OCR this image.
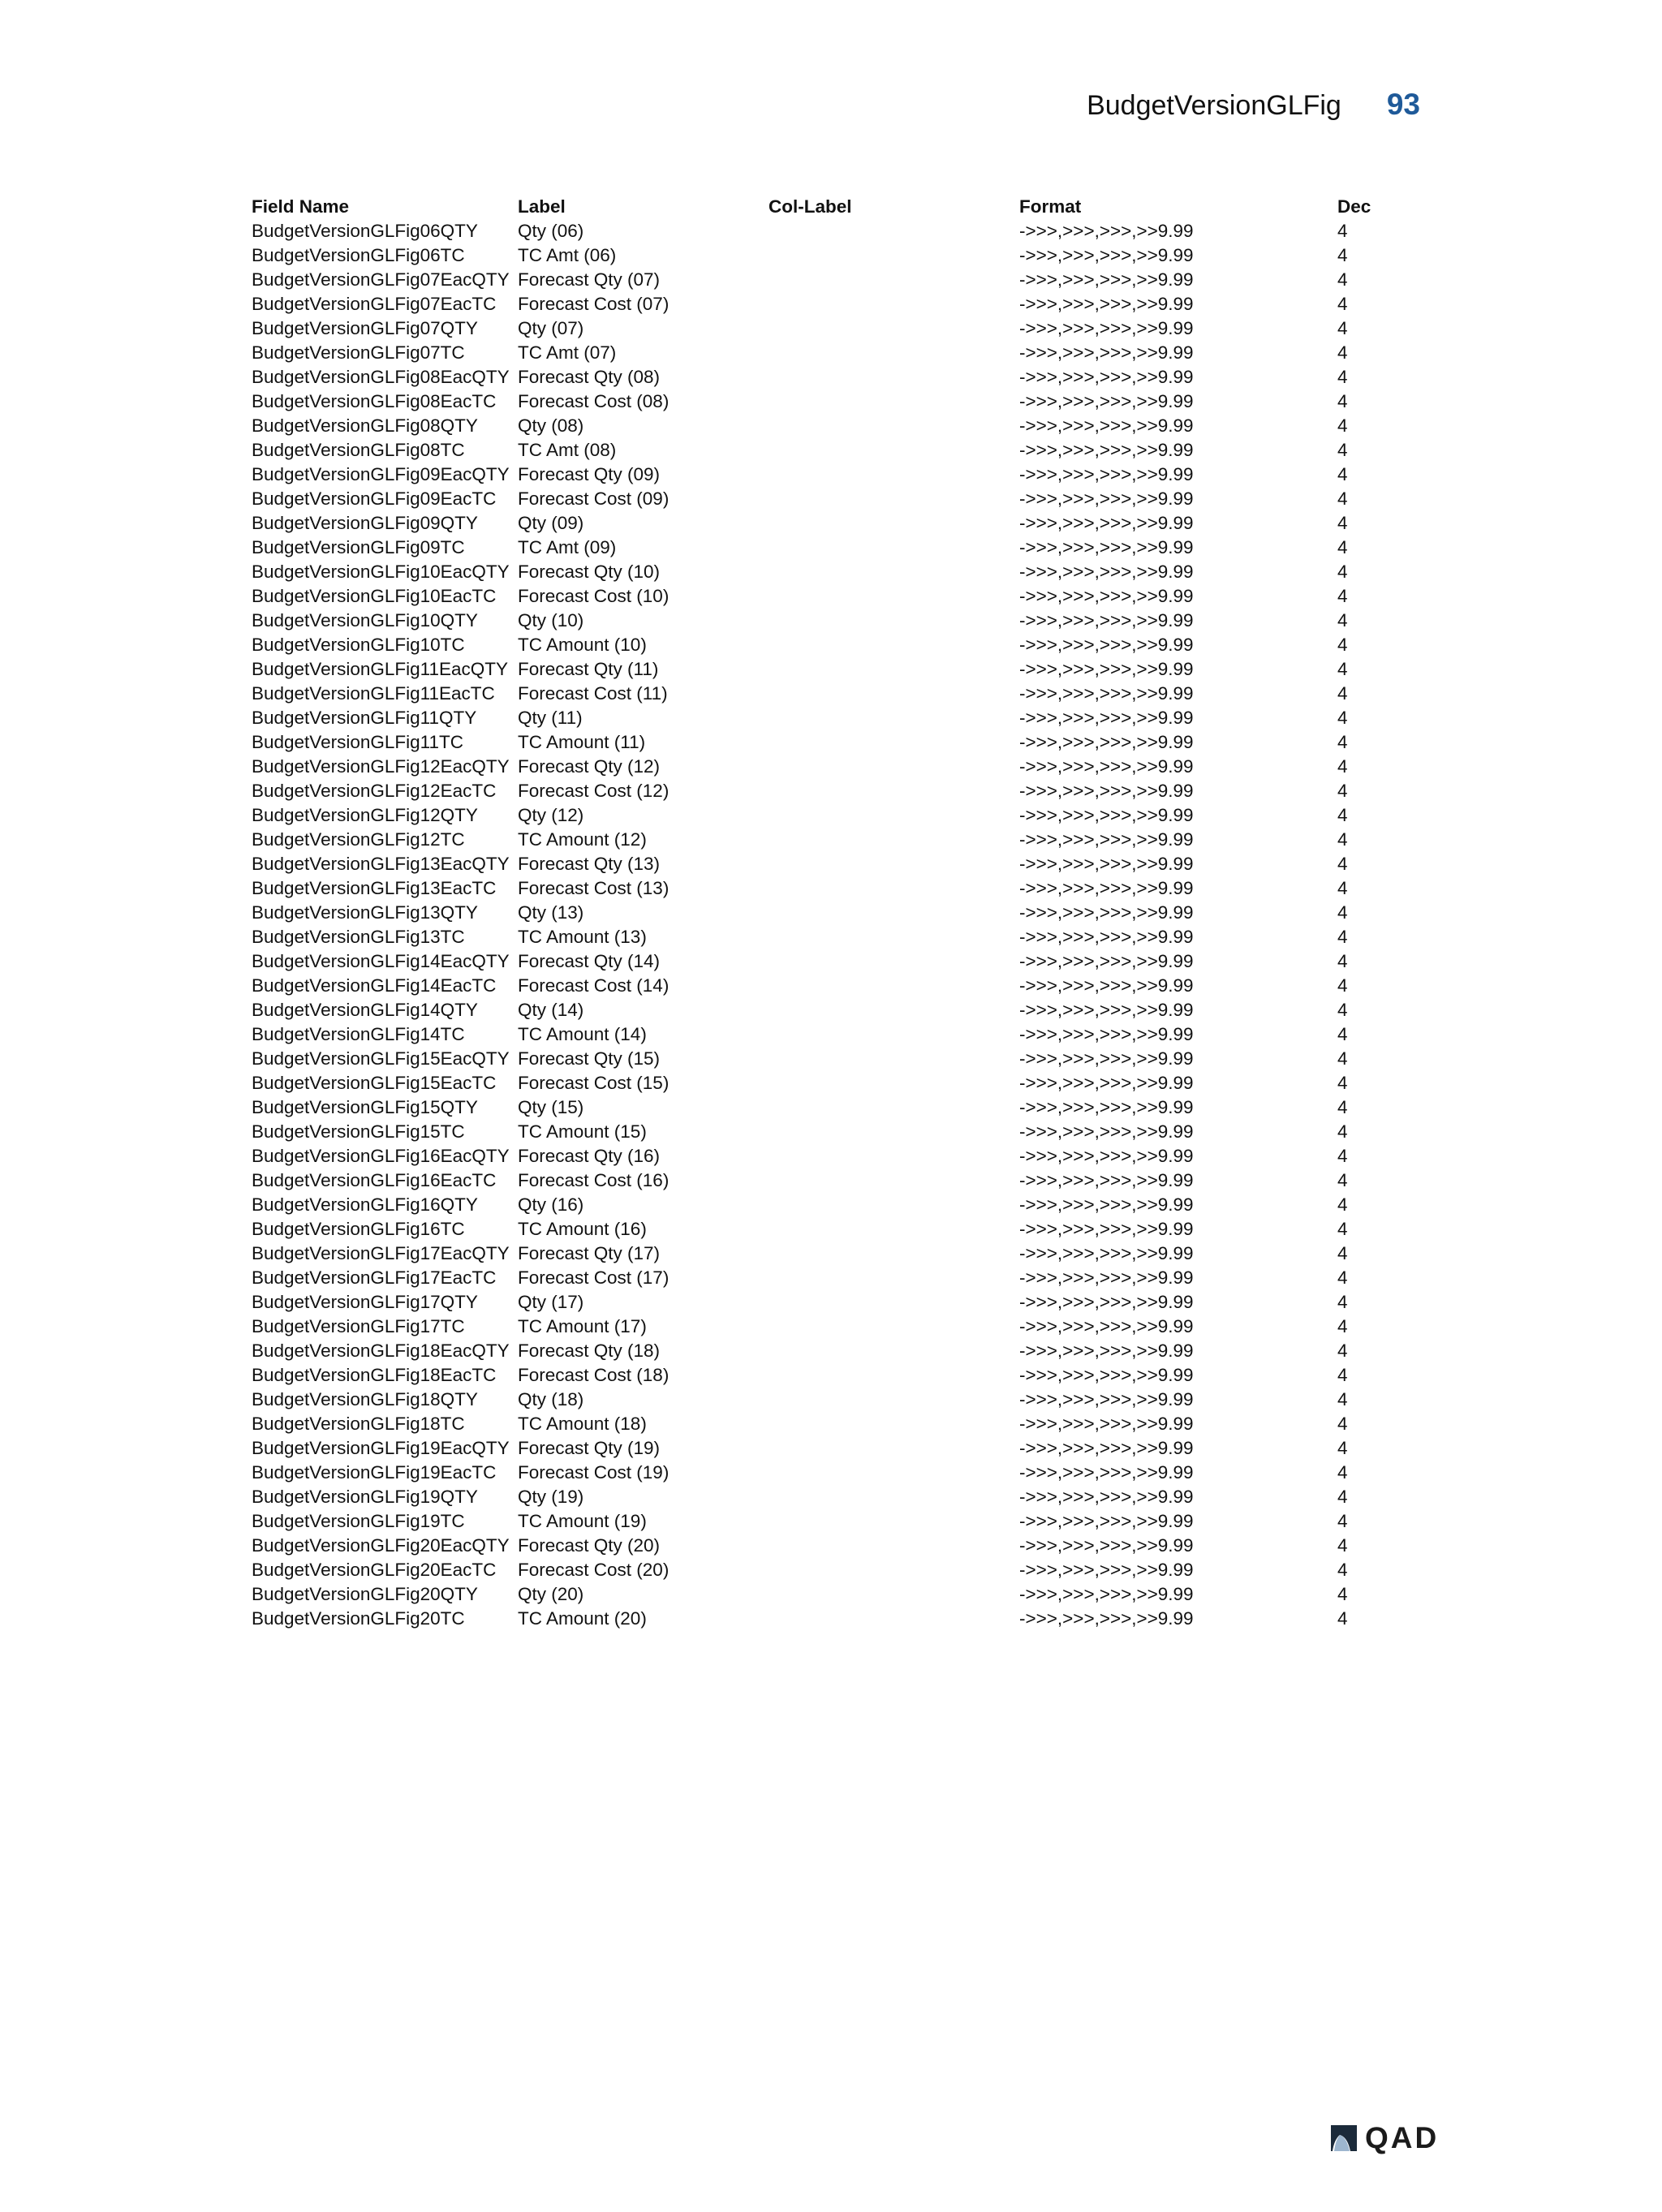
BudgetVersionGLFig 93
Field Name	Label	Col-Label	Format	Dec
BudgetVersionGLFig06QTY	Qty (06)		->>>,>>>,>>>,>>9.99	4
BudgetVersionGLFig06TC	TC Amt (06)		->>>,>>>,>>>,>>9.99	4
BudgetVersionGLFig07EacQTY	Forecast Qty (07)		->>>,>>>,>>>,>>9.99	4
BudgetVersionGLFig07EacTC	Forecast Cost (07)		->>>,>>>,>>>,>>9.99	4
BudgetVersionGLFig07QTY	Qty (07)		->>>,>>>,>>>,>>9.99	4
BudgetVersionGLFig07TC	TC Amt (07)		->>>,>>>,>>>,>>9.99	4
BudgetVersionGLFig08EacQTY	Forecast Qty (08)		->>>,>>>,>>>,>>9.99	4
BudgetVersionGLFig08EacTC	Forecast Cost (08)		->>>,>>>,>>>,>>9.99	4
BudgetVersionGLFig08QTY	Qty (08)		->>>,>>>,>>>,>>9.99	4
BudgetVersionGLFig08TC	TC Amt (08)		->>>,>>>,>>>,>>9.99	4
BudgetVersionGLFig09EacQTY	Forecast Qty (09)		->>>,>>>,>>>,>>9.99	4
BudgetVersionGLFig09EacTC	Forecast Cost (09)		->>>,>>>,>>>,>>9.99	4
BudgetVersionGLFig09QTY	Qty (09)		->>>,>>>,>>>,>>9.99	4
BudgetVersionGLFig09TC	TC Amt (09)		->>>,>>>,>>>,>>9.99	4
BudgetVersionGLFig10EacQTY	Forecast Qty (10)		->>>,>>>,>>>,>>9.99	4
BudgetVersionGLFig10EacTC	Forecast Cost (10)		->>>,>>>,>>>,>>9.99	4
BudgetVersionGLFig10QTY	Qty (10)		->>>,>>>,>>>,>>9.99	4
BudgetVersionGLFig10TC	TC Amount (10)		->>>,>>>,>>>,>>9.99	4
BudgetVersionGLFig11EacQTY	Forecast Qty (11)		->>>,>>>,>>>,>>9.99	4
BudgetVersionGLFig11EacTC	Forecast Cost (11)		->>>,>>>,>>>,>>9.99	4
BudgetVersionGLFig11QTY	Qty (11)		->>>,>>>,>>>,>>9.99	4
BudgetVersionGLFig11TC	TC Amount (11)		->>>,>>>,>>>,>>9.99	4
BudgetVersionGLFig12EacQTY	Forecast Qty (12)		->>>,>>>,>>>,>>9.99	4
BudgetVersionGLFig12EacTC	Forecast Cost (12)		->>>,>>>,>>>,>>9.99	4
BudgetVersionGLFig12QTY	Qty (12)		->>>,>>>,>>>,>>9.99	4
BudgetVersionGLFig12TC	TC Amount (12)		->>>,>>>,>>>,>>9.99	4
BudgetVersionGLFig13EacQTY	Forecast Qty (13)		->>>,>>>,>>>,>>9.99	4
BudgetVersionGLFig13EacTC	Forecast Cost (13)		->>>,>>>,>>>,>>9.99	4
BudgetVersionGLFig13QTY	Qty (13)		->>>,>>>,>>>,>>9.99	4
BudgetVersionGLFig13TC	TC Amount (13)		->>>,>>>,>>>,>>9.99	4
BudgetVersionGLFig14EacQTY	Forecast Qty (14)		->>>,>>>,>>>,>>9.99	4
BudgetVersionGLFig14EacTC	Forecast Cost (14)		->>>,>>>,>>>,>>9.99	4
BudgetVersionGLFig14QTY	Qty (14)		->>>,>>>,>>>,>>9.99	4
BudgetVersionGLFig14TC	TC Amount (14)		->>>,>>>,>>>,>>9.99	4
BudgetVersionGLFig15EacQTY	Forecast Qty (15)		->>>,>>>,>>>,>>9.99	4
BudgetVersionGLFig15EacTC	Forecast Cost (15)		->>>,>>>,>>>,>>9.99	4
BudgetVersionGLFig15QTY	Qty (15)		->>>,>>>,>>>,>>9.99	4
BudgetVersionGLFig15TC	TC Amount (15)		->>>,>>>,>>>,>>9.99	4
BudgetVersionGLFig16EacQTY	Forecast Qty (16)		->>>,>>>,>>>,>>9.99	4
BudgetVersionGLFig16EacTC	Forecast Cost (16)		->>>,>>>,>>>,>>9.99	4
BudgetVersionGLFig16QTY	Qty (16)		->>>,>>>,>>>,>>9.99	4
BudgetVersionGLFig16TC	TC Amount (16)		->>>,>>>,>>>,>>9.99	4
BudgetVersionGLFig17EacQTY	Forecast Qty (17)		->>>,>>>,>>>,>>9.99	4
BudgetVersionGLFig17EacTC	Forecast Cost (17)		->>>,>>>,>>>,>>9.99	4
BudgetVersionGLFig17QTY	Qty (17)		->>>,>>>,>>>,>>9.99	4
BudgetVersionGLFig17TC	TC Amount (17)		->>>,>>>,>>>,>>9.99	4
BudgetVersionGLFig18EacQTY	Forecast Qty (18)		->>>,>>>,>>>,>>9.99	4
BudgetVersionGLFig18EacTC	Forecast Cost (18)		->>>,>>>,>>>,>>9.99	4
BudgetVersionGLFig18QTY	Qty (18)		->>>,>>>,>>>,>>9.99	4
BudgetVersionGLFig18TC	TC Amount (18)		->>>,>>>,>>>,>>9.99	4
BudgetVersionGLFig19EacQTY	Forecast Qty (19)		->>>,>>>,>>>,>>9.99	4
BudgetVersionGLFig19EacTC	Forecast Cost (19)		->>>,>>>,>>>,>>9.99	4
BudgetVersionGLFig19QTY	Qty (19)		->>>,>>>,>>>,>>9.99	4
BudgetVersionGLFig19TC	TC Amount (19)		->>>,>>>,>>>,>>9.99	4
BudgetVersionGLFig20EacQTY	Forecast Qty (20)		->>>,>>>,>>>,>>9.99	4
BudgetVersionGLFig20EacTC	Forecast Cost (20)		->>>,>>>,>>>,>>9.99	4
BudgetVersionGLFig20QTY	Qty (20)		->>>,>>>,>>>,>>9.99	4
BudgetVersionGLFig20TC	TC Amount (20)		->>>,>>>,>>>,>>9.99	4
QAD
